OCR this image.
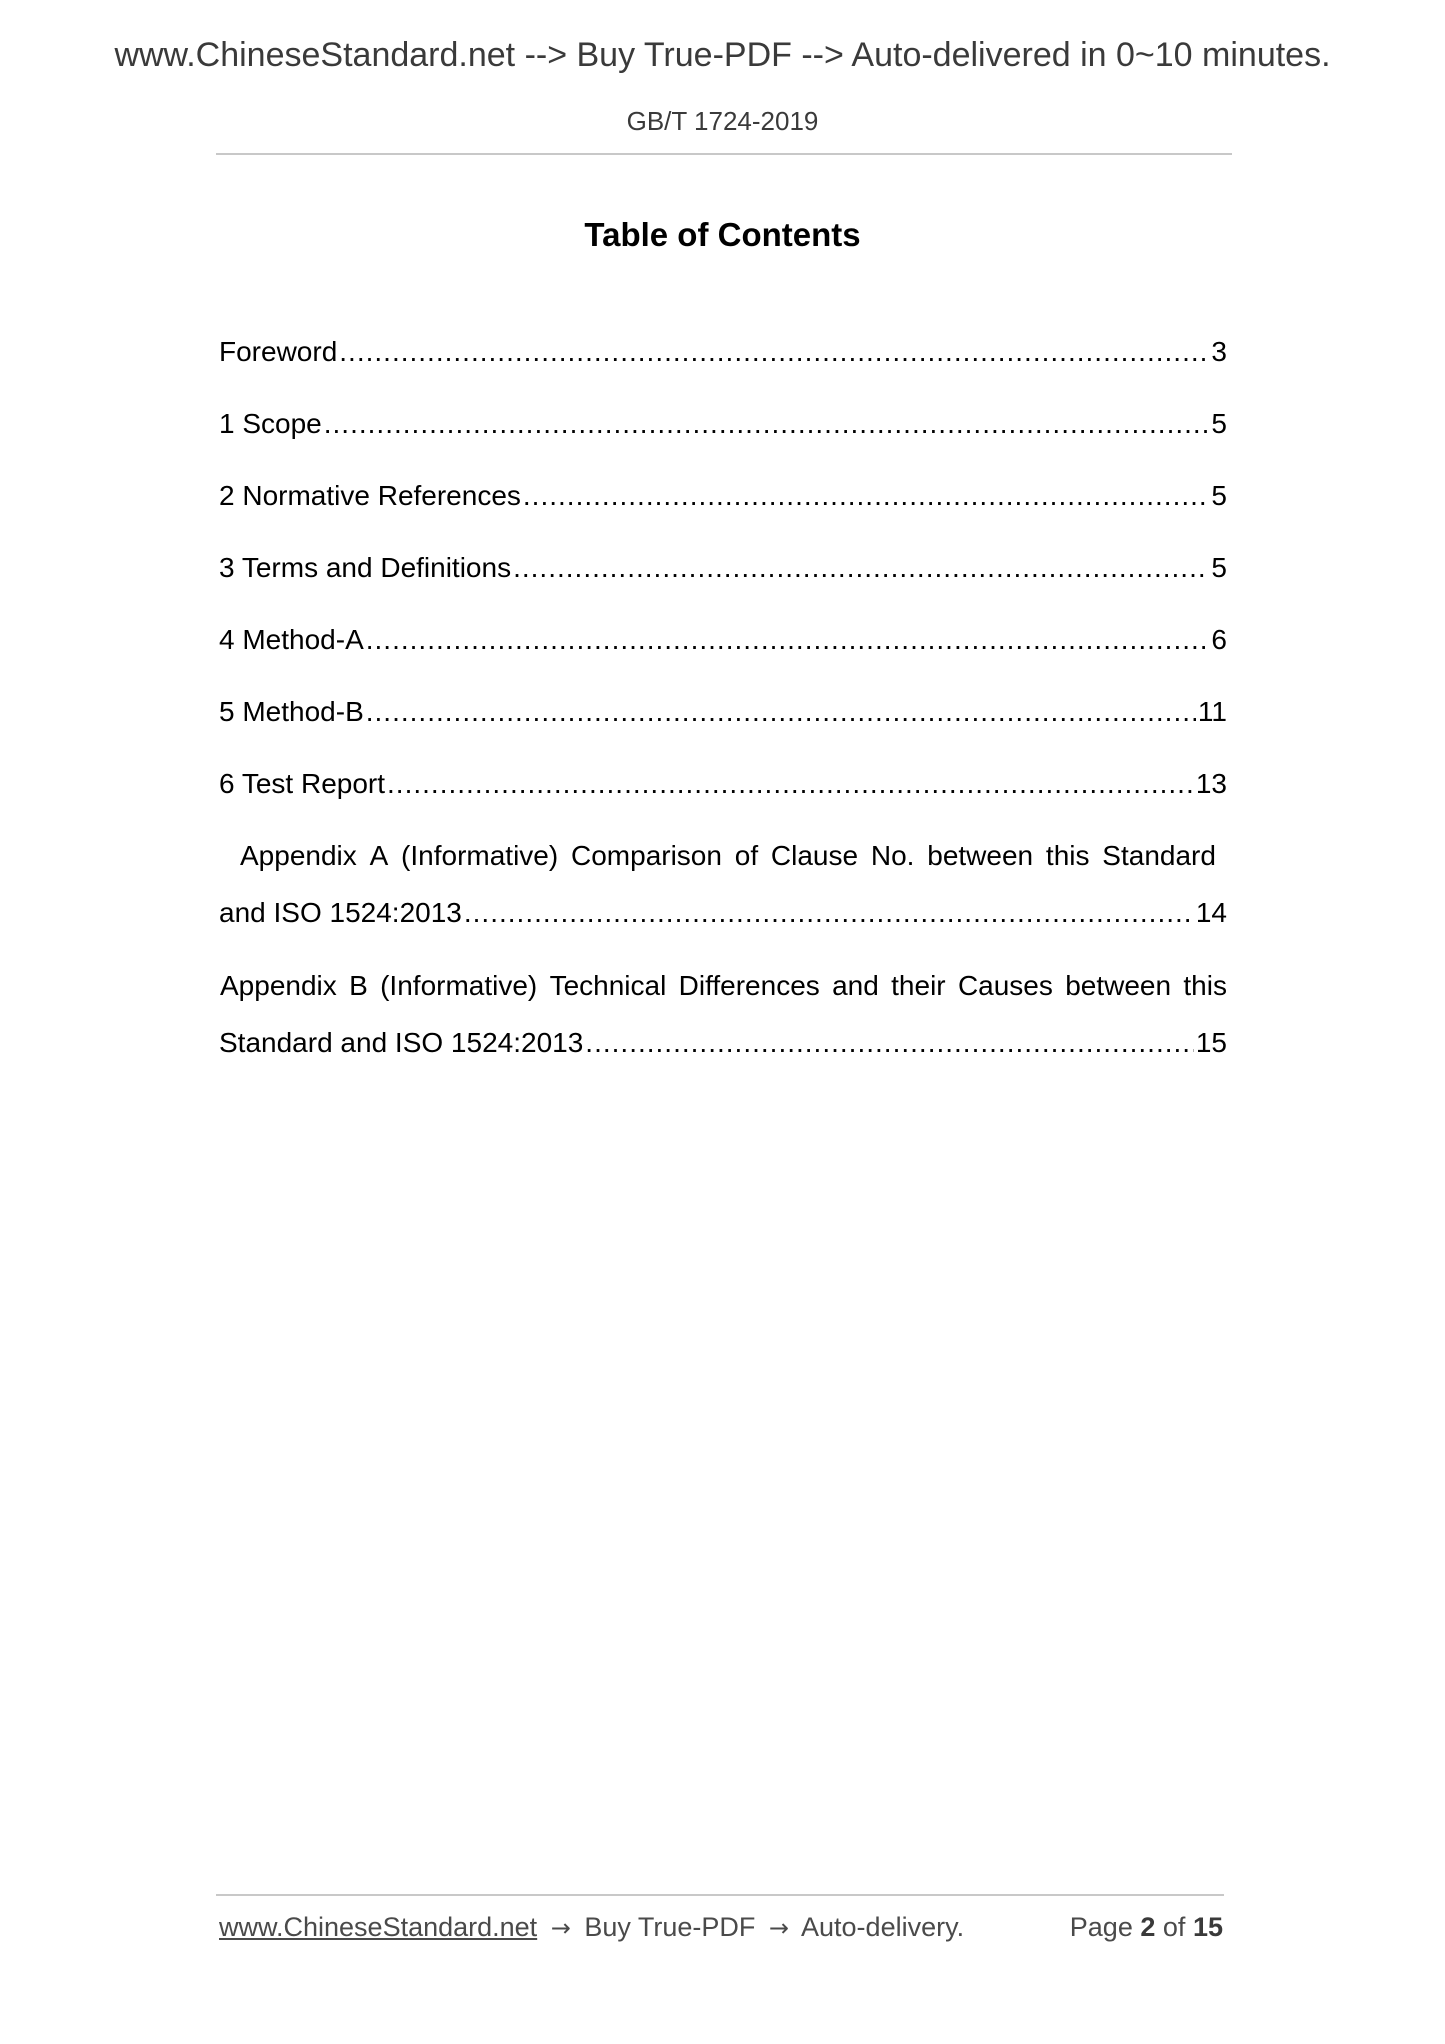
www.ChineseStandard.net --> Buy True-PDF --> Auto-delivered in 0~10 minutes.
GB/T 1724-2019
Table of Contents
Foreword .....	3
1 Scope .....	5
2 Normative References .....	5
3 Terms and Definitions .....	5
4 Method-A .....	6
5 Method-B .....	11
6 Test Report .....	13
Appendix A (Informative) Comparison of Clause No. between this Standard
and ISO 1524:2013 .....	14
Appendix B (Informative) Technical Differences and their Causes between this
Standard and ISO 1524:2013 .....	15
www.ChineseStandard.net → Buy True-PDF → Auto-delivery.	Page 2 of 15
